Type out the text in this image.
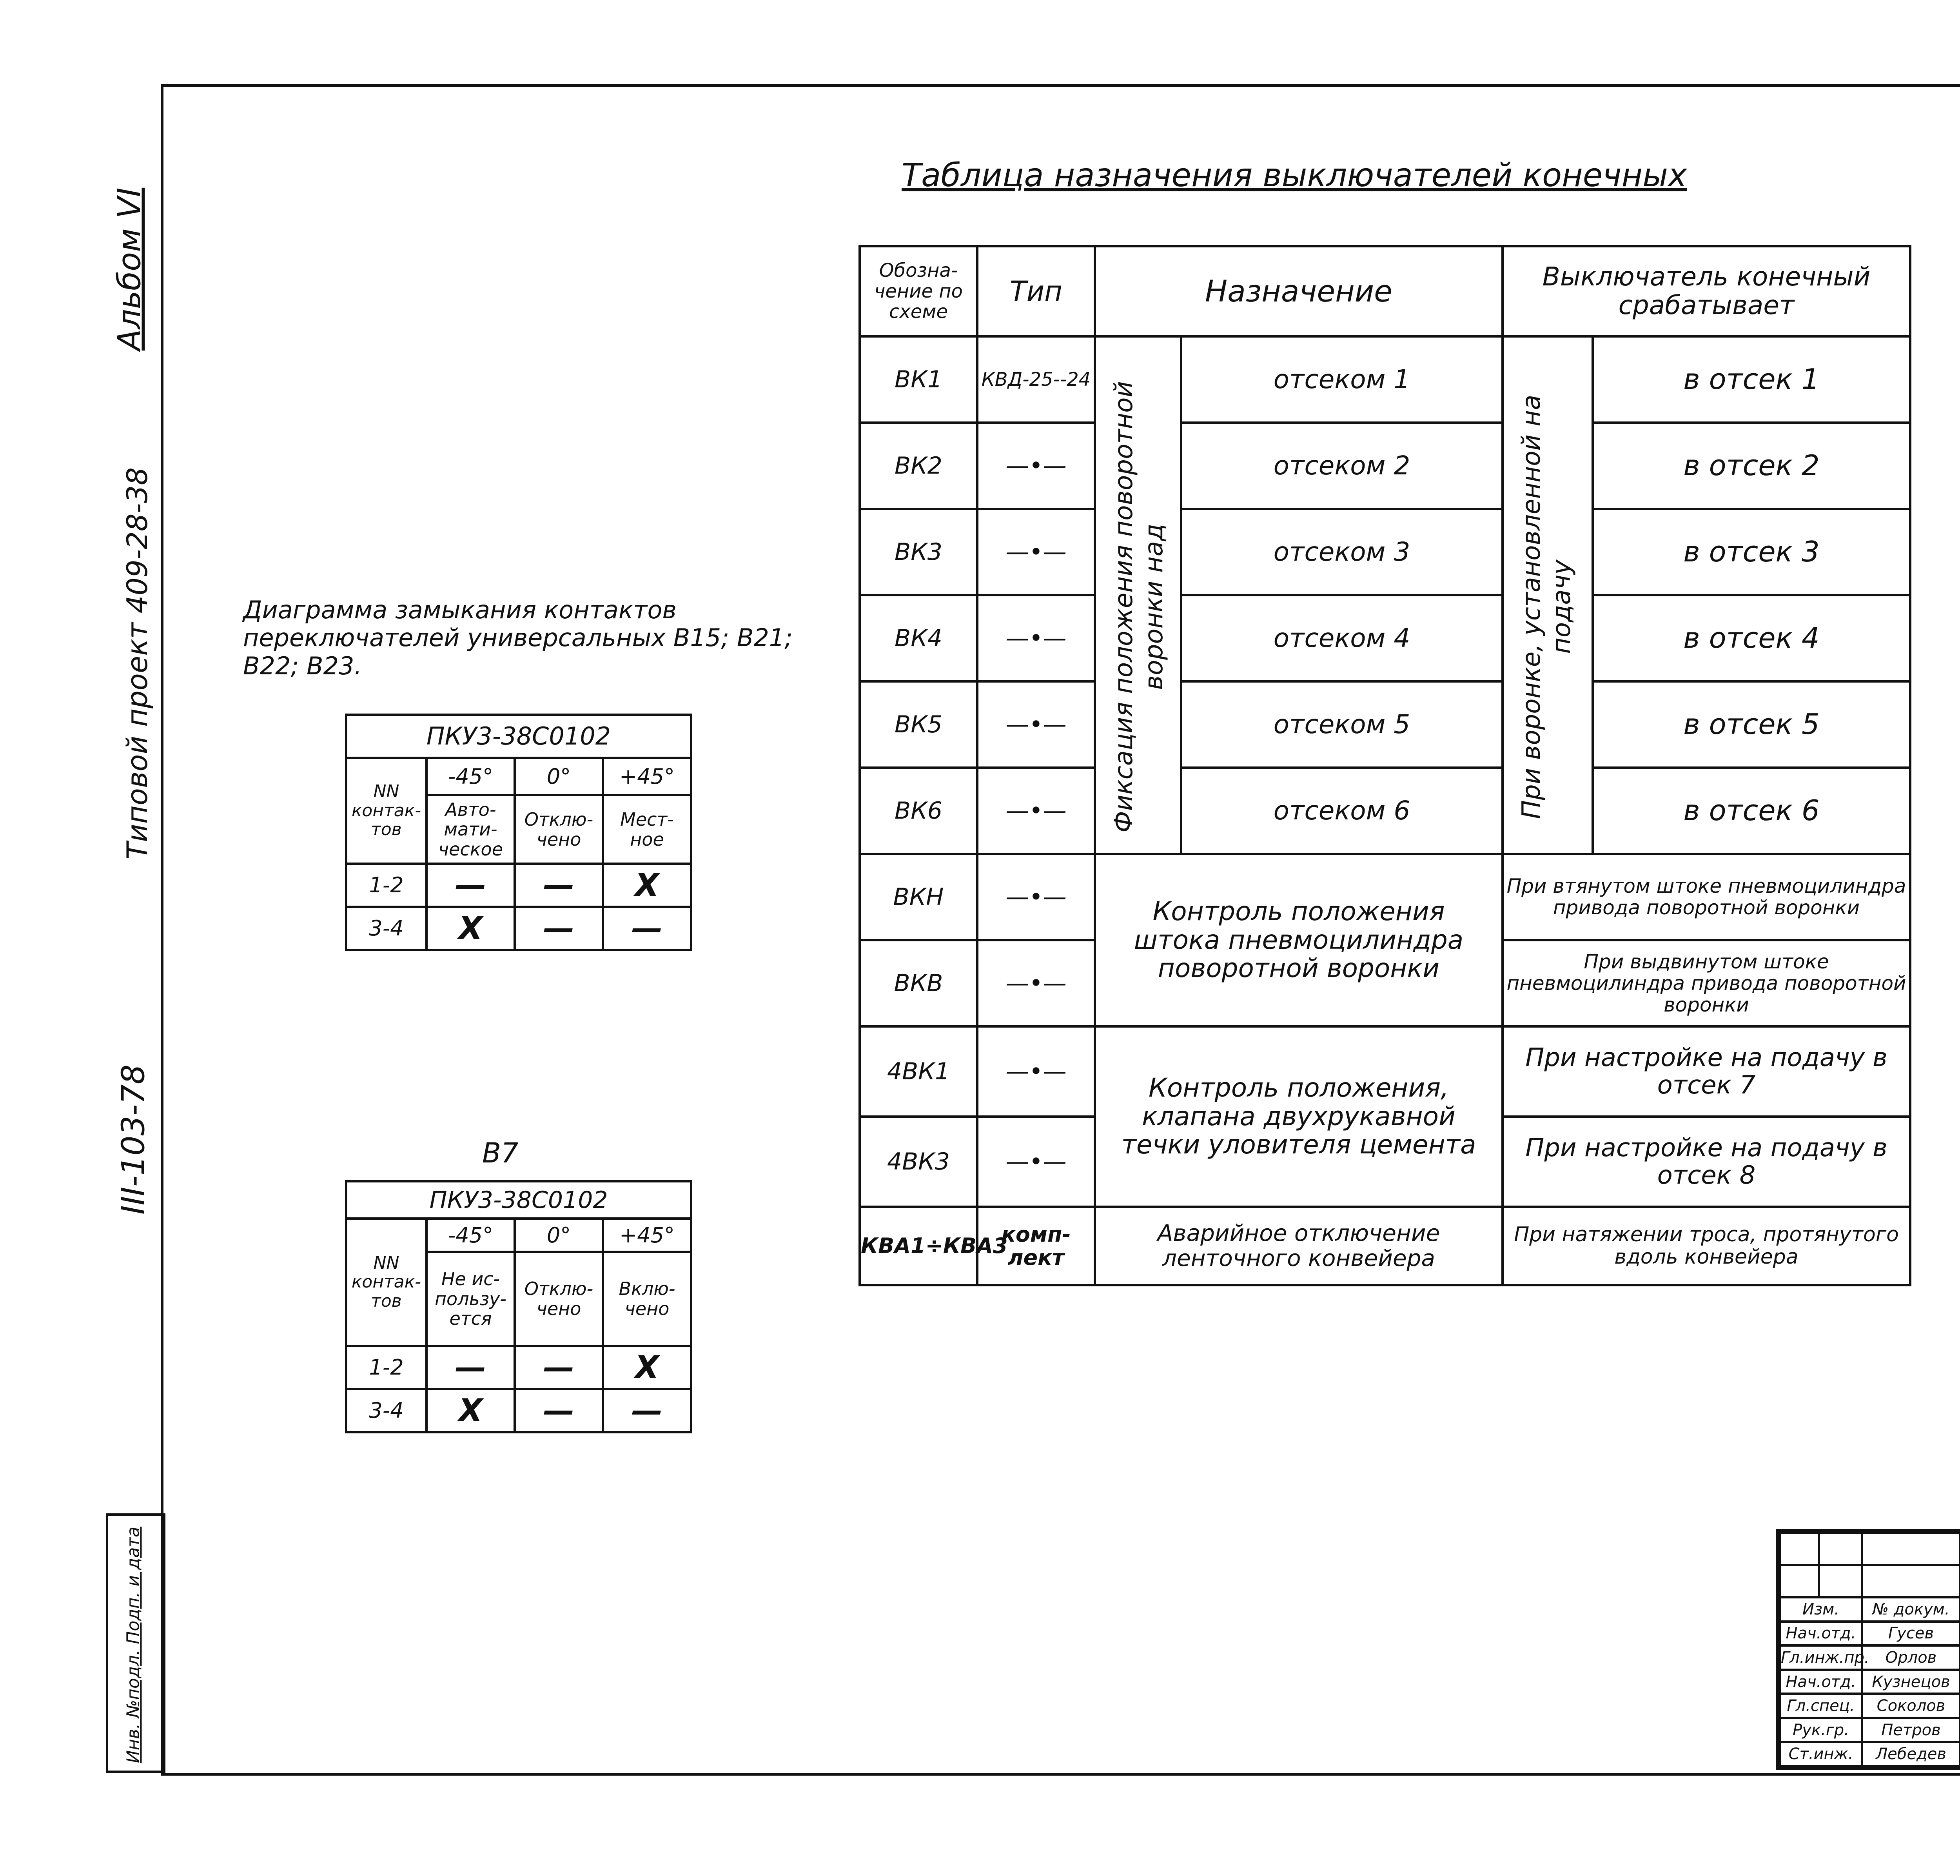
Альбом VI
Типовой проект 409-28-38
III-103-78
Инв. №подл. Подп. и дата
Таблица назначения выключателей конечных
Обозна-чение по схеме	Тип	Назначение		Выключатель конечный срабатывает	
ВК1	КВД-25--24	Фиксация положения поворотной воронки над	отсеком 1	При воронке, установленной на подачу	в отсек 1
ВК2	—•—		отсеком 2		в отсек 2
ВК3	—•—		отсеком 3		в отсек 3
ВК4	—•—		отсеком 4		в отсек 4
ВК5	—•—		отсеком 5		в отсек 5
ВК6	—•—		отсеком 6		в отсек 6
ВКН	—•—	Контроль положения штока пневмоцилиндра поворотной воронки		При втянутом штоке пневмоцилиндра привода поворотной воронки	
ВКВ	—•—			При выдвинутом штоке пневмоцилиндра привода поворотной воронки	
4ВК1	—•—	Контроль положения, клапана двухрукавной течки уловителя цемента		При настройке на подачу в отсек 7	
4ВК3	—•—			При настройке на подачу в отсек 8	
КВА1÷КВА3	комп-лект	Аварийное отключение ленточного конвейера		При натяжении троса, протянутого вдоль конвейера	
Диаграмма замыкания контактов переключателей универсальных В15; В21; В22; В23.
ПКУ3-38С0102			
NN контак-тов	-45°	0°	+45°
	Авто-мати-ческое	Отклю-чено	Мест-ное
1-2	—	—	X
3-4	X	—	—
В7
ПКУ3-38С0102			
NN контак-тов	-45°	0°	+45°
	Не ис-пользу-ется	Отклю-чено	Вклю-чено
1-2	—	—	X
3-4	X	—	—

Изм.		№ докум.		
Нач.отд.		Гусев		
Гл.инж.пр.		Орлов		
Нач.отд.		Кузнецов		
Гл.спец.		Соколов		
Рук.гр.		Петров		
Ст.инж.		Лебедев		
